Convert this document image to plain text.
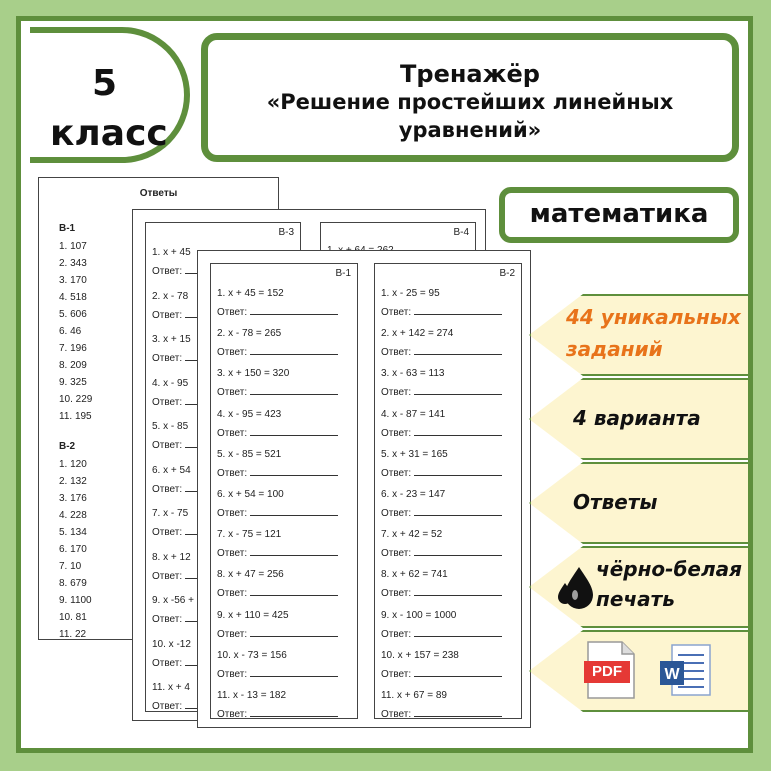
5
класс
Тренажёр
«Решение простейших линейных уравнений»
математика
Ответы
В-1
1. 107
2. 343
3. 170
4. 518
5. 606
6. 46
7. 196
8. 209
9. 325
10. 229
11. 195
В-2
1. 120
2. 132
3. 176
4. 228
5. 134
6. 170
7. 10
8. 679
9. 1100
10. 81
11. 22
В-3
1. x + 45
Ответ:
2. x - 78
Ответ:
3. x + 15
Ответ:
4. x - 95
Ответ:
5. x - 85
Ответ:
6. x + 54
Ответ:
7. x - 75
Ответ:
8. x + 12
Ответ:
9. x -56 +
Ответ:
10. x -12
Ответ:
11. x + 4
Ответ:
В-4
В-1
1. x + 45 = 152
Ответ:
2. x - 78 = 265
Ответ:
3. x + 150 = 320
Ответ:
4. x - 95 = 423
Ответ:
5. x - 85 = 521
Ответ:
6. x + 54 = 100
Ответ:
7. x - 75 = 121
Ответ:
8. x + 47 = 256
Ответ:
9. x + 110 = 425
Ответ:
10. x - 73 = 156
Ответ:
11. x - 13 = 182
Ответ:
В-2
1. x - 25 = 95
Ответ:
2. x + 142 = 274
Ответ:
3. x - 63 = 113
Ответ:
4. x - 87 = 141
Ответ:
5. x + 31 = 165
Ответ:
6. x - 23 = 147
Ответ:
7. x + 42 = 52
Ответ:
8. x + 62 = 741
Ответ:
9. x - 100 = 1000
Ответ:
10. x + 157 = 238
Ответ:
11. x + 67 = 89
Ответ:
44 уникальных
заданий
4 варианта
Ответы
чёрно-белая
печать
PDF	W
